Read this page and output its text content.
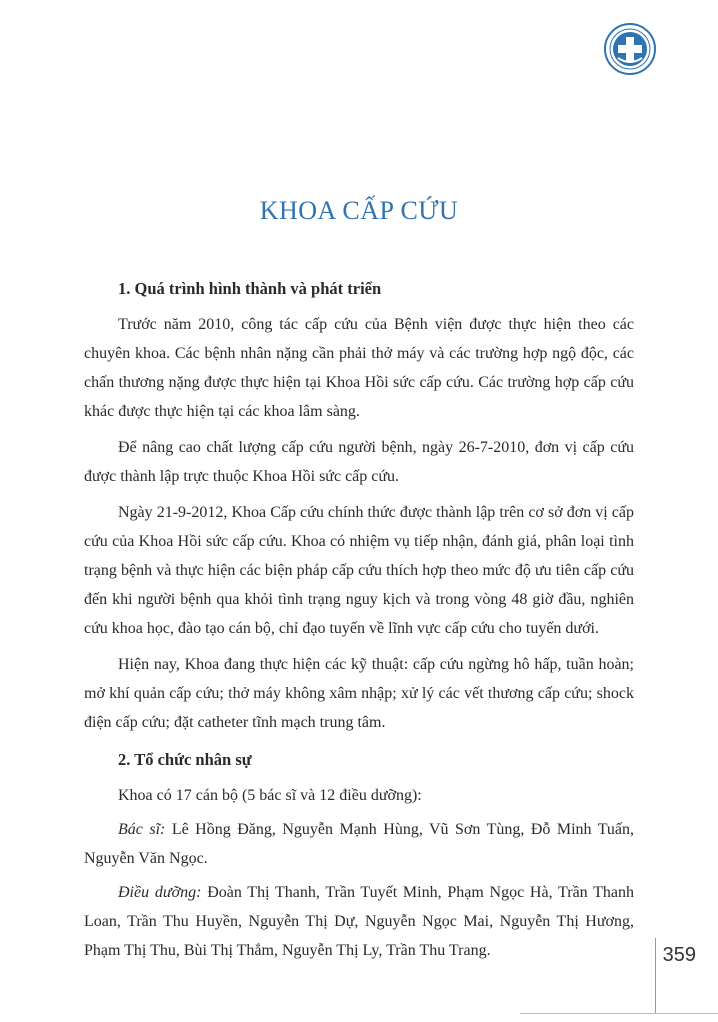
KHOA CẤP CỨU
1. Quá trình hình thành và phát triển

Trước năm 2010, công tác cấp cứu của Bệnh viện được thực hiện theo các chuyên khoa. Các bệnh nhân nặng cần phải thở máy và các trường hợp ngộ độc, các chấn thương nặng được thực hiện tại Khoa Hồi sức cấp cứu. Các trường hợp cấp cứu khác được thực hiện tại các khoa lâm sàng.

Để nâng cao chất lượng cấp cứu người bệnh, ngày 26-7-2010, đơn vị cấp cứu được thành lập trực thuộc Khoa Hồi sức cấp cứu.

Ngày 21-9-2012, Khoa Cấp cứu chính thức được thành lập trên cơ sở đơn vị cấp cứu của Khoa Hồi sức cấp cứu. Khoa có nhiệm vụ tiếp nhận, đánh giá, phân loại tình trạng bệnh và thực hiện các biện pháp cấp cứu thích hợp theo mức độ ưu tiên cấp cứu đến khi người bệnh qua khỏi tình trạng nguy kịch và trong vòng 48 giờ đầu, nghiên cứu khoa học, đào tạo cán bộ, chỉ đạo tuyến về lĩnh vực cấp cứu cho tuyến dưới.

Hiện nay, Khoa đang thực hiện các kỹ thuật: cấp cứu ngừng hô hấp, tuần hoàn; mở khí quản cấp cứu; thở máy không xâm nhập; xử lý các vết thương cấp cứu; shock điện cấp cứu; đặt catheter tĩnh mạch trung tâm.

2. Tổ chức nhân sự

Khoa có 17 cán bộ (5 bác sĩ và 12 điều dưỡng):

Bác sĩ: Lê Hồng Đăng, Nguyễn Mạnh Hùng, Vũ Sơn Tùng, Đỗ Minh Tuấn, Nguyễn Văn Ngọc.

Điều dưỡng: Đoàn Thị Thanh, Trần Tuyết Minh, Phạm Ngọc Hà, Trần Thanh Loan, Trần Thu Huyền, Nguyễn Thị Dự, Nguyễn Ngọc Mai, Nguyễn Thị Hương, Phạm Thị Thu, Bùi Thị Thắm, Nguyễn Thị Ly, Trần Thu Trang.	359
